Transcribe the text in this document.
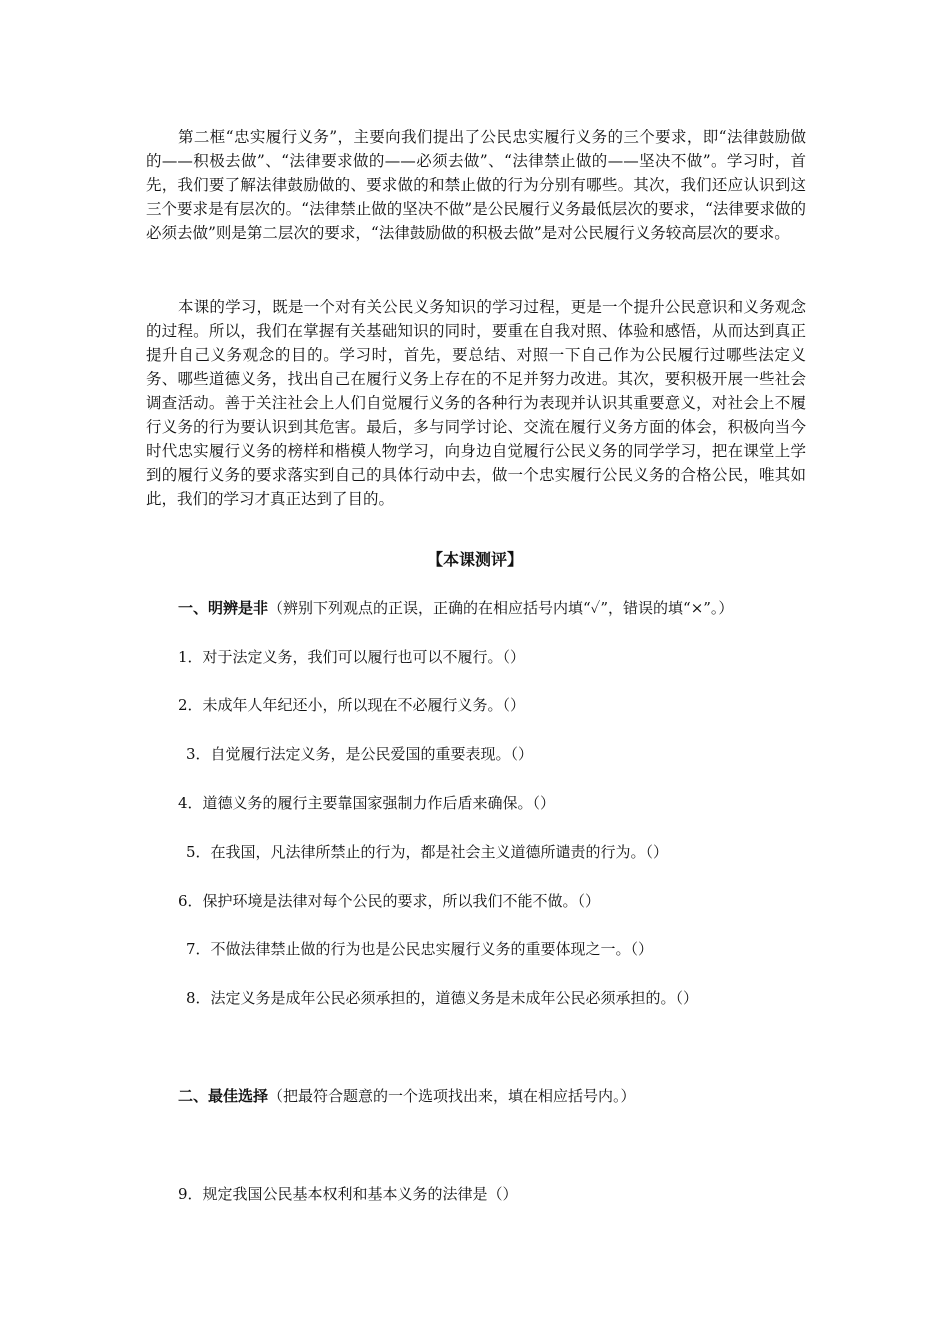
第二框“忠实履行义务”，主要向我们提出了公民忠实履行义务的三个要求，即“法律鼓励做的——积极去做”、“法律要求做的——必须去做”、“法律禁止做的——坚决不做”。学习时，首先，我们要了解法律鼓励做的、要求做的和禁止做的行为分别有哪些。其次，我们还应认识到这三个要求是有层次的。“法律禁止做的坚决不做”是公民履行义务最低层次的要求，“法律要求做的必须去做”则是第二层次的要求，“法律鼓励做的积极去做”是对公民履行义务较高层次的要求。

本课的学习，既是一个对有关公民义务知识的学习过程，更是一个提升公民意识和义务观念的过程。所以，我们在掌握有关基础知识的同时，要重在自我对照、体验和感悟，从而达到真正提升自己义务观念的目的。学习时，首先，要总结、对照一下自己作为公民履行过哪些法定义务、哪些道德义务，找出自己在履行义务上存在的不足并努力改进。其次，要积极开展一些社会调查活动。善于关注社会上人们自觉履行义务的各种行为表现并认识其重要意义，对社会上不履行义务的行为要认识到其危害。最后，多与同学讨论、交流在履行义务方面的体会，积极向当今时代忠实履行义务的榜样和楷模人物学习，向身边自觉履行公民义务的同学学习，把在课堂上学到的履行义务的要求落实到自己的具体行动中去，做一个忠实履行公民义务的合格公民，唯其如此，我们的学习才真正达到了目的。

【本课测评】
一、明辨是非（辨别下列观点的正误，正确的在相应括号内填“✓”，错误的填“×”。）
1．对于法定义务，我们可以履行也可以不履行。（）
2．未成年人年纪还小，所以现在不必履行义务。（）
3．自觉履行法定义务，是公民爱国的重要表现。（）
4．道德义务的履行主要靠国家强制力作后盾来确保。（）
5．在我国，凡法律所禁止的行为，都是社会主义道德所谴责的行为。（）
6．保护环境是法律对每个公民的要求，所以我们不能不做。（）
7．不做法律禁止做的行为也是公民忠实履行义务的重要体现之一。（）
8．法定义务是成年公民必须承担的，道德义务是未成年公民必须承担的。（）
二、最佳选择（把最符合题意的一个选项找出来，填在相应括号内。）
9．规定我国公民基本权利和基本义务的法律是（）
